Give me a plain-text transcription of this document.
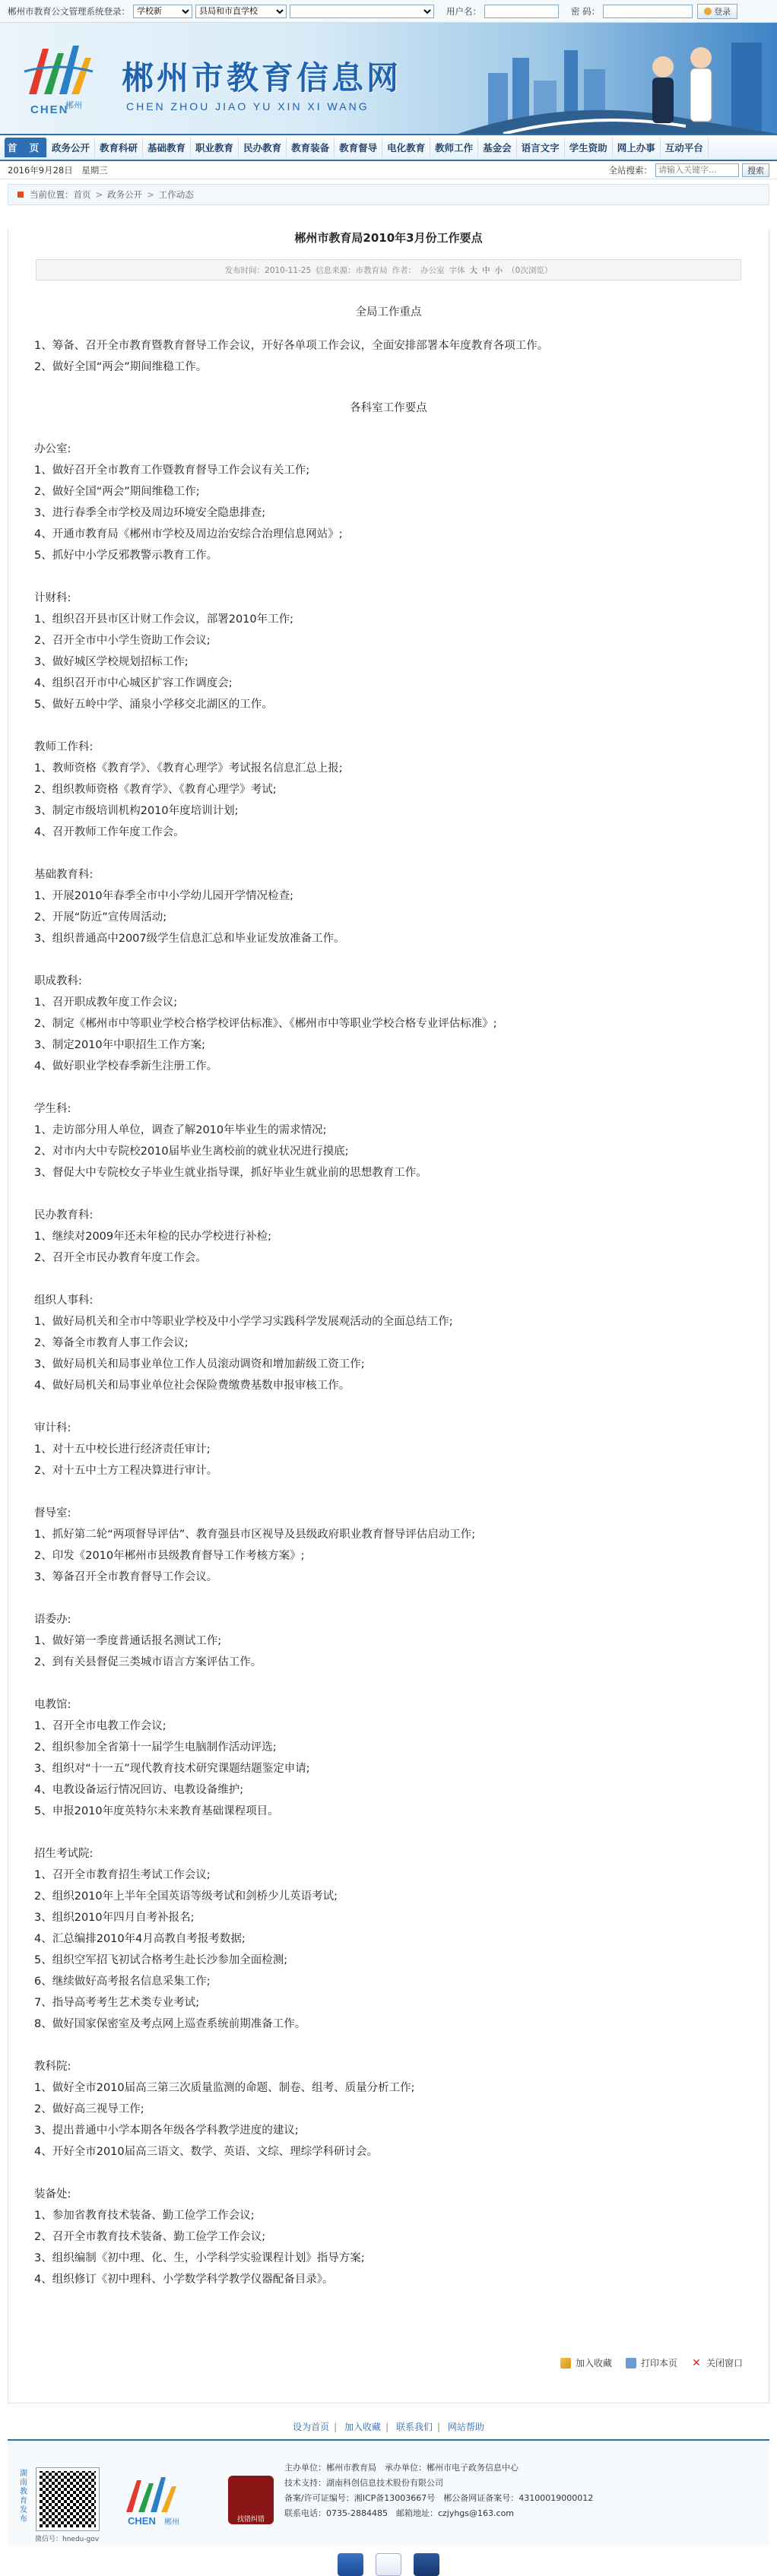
郴州市教育公文管理系统登录：
学校新
县局和市直学校	用户名：	密 码：	登录
CHEN
郴州
郴州市教育信息网
CHEN ZHOU JIAO YU XIN XI WANG
首 页 政务公开	教育科研	基础教育	职业教育	民办教育	教育装备	教育督导	电化教育	教师工作	基金会	语言文字	学生资助	网上办事	互动平台
2016年9月28日　星期三	全站搜索：
请输入关键字...	搜索
当前位置： 首页 > 政务公开 > 工作动态
郴州市教育局2010年3月份工作要点
发布时间：2010-11-25 信息来源：市教育局 作者： 办公室 字体 大 中 小 （0次浏览）

全局工作重点

1、筹备、召开全市教育暨教育督导工作会议，开好各单项工作会议，全面安排部署本年度教育各项工作。

2、做好全国“两会”期间维稳工作。

各科室工作要点

办公室:

1、做好召开全市教育工作暨教育督导工作会议有关工作;

2、做好全国“两会”期间维稳工作;

3、进行春季全市学校及周边环境安全隐患排查;

4、开通市教育局《郴州市学校及周边治安综合治理信息网站》;

5、抓好中小学反邪教警示教育工作。

计财科:

1、组织召开县市区计财工作会议，部署2010年工作;

2、召开全市中小学生资助工作会议;

3、做好城区学校规划招标工作;

4、组织召开市中心城区扩容工作调度会;

5、做好五岭中学、涌泉小学移交北湖区的工作。

教师工作科:

1、教师资格《教育学》、《教育心理学》考试报名信息汇总上报;

2、组织教师资格《教育学》、《教育心理学》考试;

3、制定市级培训机构2010年度培训计划;

4、召开教师工作年度工作会。

基础教育科:

1、开展2010年春季全市中小学幼儿园开学情况检查;

2、开展“防近”宣传周活动;

3、组织普通高中2007级学生信息汇总和毕业证发放准备工作。

职成教科:

1、召开职成教年度工作会议;

2、制定《郴州市中等职业学校合格学校评估标准》、《郴州市中等职业学校合格专业评估标准》;

3、制定2010年中职招生工作方案;

4、做好职业学校春季新生注册工作。

学生科:

1、走访部分用人单位，调查了解2010年毕业生的需求情况;

2、对市内大中专院校2010届毕业生离校前的就业状况进行摸底;

3、督促大中专院校女子毕业生就业指导课，抓好毕业生就业前的思想教育工作。

民办教育科:

1、继续对2009年还未年检的民办学校进行补检;

2、召开全市民办教育年度工作会。

组织人事科:

1、做好局机关和全市中等职业学校及中小学学习实践科学发展观活动的全面总结工作;

2、筹备全市教育人事工作会议;

3、做好局机关和局事业单位工作人员滚动调资和增加薪级工资工作;

4、做好局机关和局事业单位社会保险费缴费基数申报审核工作。

审计科:

1、对十五中校长进行经济责任审计;

2、对十五中土方工程决算进行审计。

督导室:

1、抓好第二轮“两项督导评估”、教育强县市区视导及县级政府职业教育督导评估启动工作;

2、印发《2010年郴州市县级教育督导工作考核方案》;

3、筹备召开全市教育督导工作会议。

语委办:

1、做好第一季度普通话报名测试工作;

2、到有关县督促三类城市语言方案评估工作。

电教馆:

1、召开全市电教工作会议;

2、组织参加全省第十一届学生电脑制作活动评选;

3、组织对“十一五”现代教育技术研究课题结题鉴定申请;

4、电教设备运行情况回访、电教设备维护;

5、申报2010年度英特尔未来教育基础课程项目。

招生考试院:

1、召开全市教育招生考试工作会议;

2、组织2010年上半年全国英语等级考试和剑桥少儿英语考试;

3、组织2010年四月自考补报名;

4、汇总编排2010年4月高教自考报考数据;

5、组织空军招飞初试合格考生赴长沙参加全面检测;

6、继续做好高考报名信息采集工作;

7、指导高考考生艺术类专业考试;

8、做好国家保密室及考点网上巡查系统前期准备工作。

教科院:

1、做好全市2010届高三第三次质量监测的命题、制卷、组考、质量分析工作;

2、做好高三视导工作;

3、提出普通中小学本期各年级各学科教学进度的建议;

4、开好全市2010届高三语文、数学、英语、文综、理综学科研讨会。

装备处:

1、参加省教育技术装备、勤工俭学工作会议;

2、召开全市教育技术装备、勤工俭学工作会议;

3、组织编制《初中理、化、生，小学科学实验课程计划》指导方案;

4、组织修订《初中理科、小学数学科学教学仪器配备目录》。

加入收藏	打印本页 ✕ 关闭窗口
设为首页 | 加入收藏 | 联系我们 | 网站帮助
湖南教育发布
微信号：hnedu-gov
CHEN 郴州	找错纠错
主办单位：郴州市教育局　承办单位：郴州市电子政务信息中心
技术支持：湖南科创信息技术股份有限公司
备案/许可证编号：湘ICP备13003667号　郴公备网证备案号：43100019000012
联系电话：0735-2884485　邮箱地址：czjyhgs@163.com
